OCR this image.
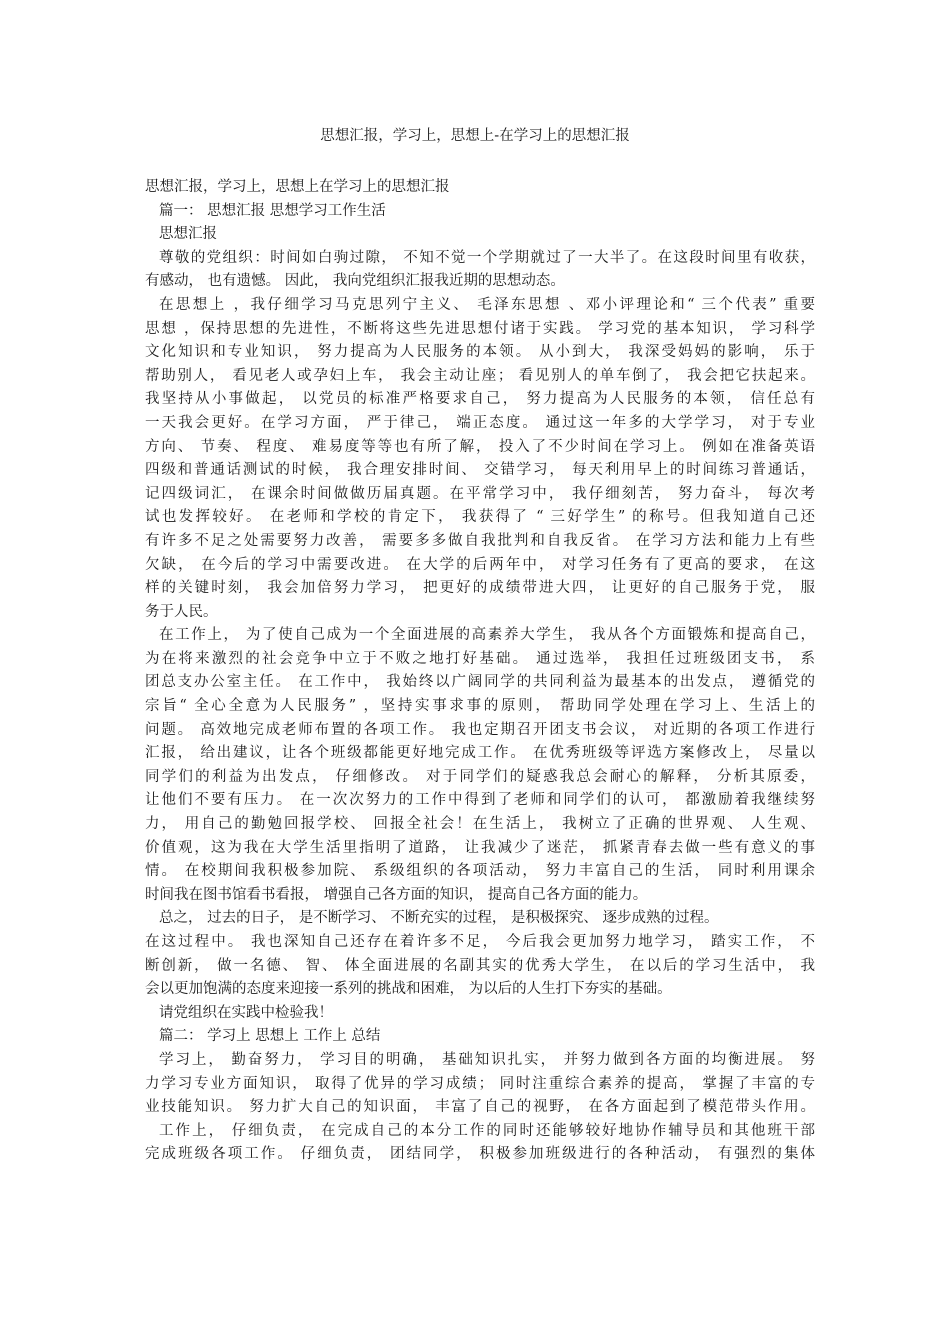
思想汇报，学习上，思想上-在学习上的思想汇报
思想汇报，学习上，思想上在学习上的思想汇报
篇一： 思想汇报 思想学习工作生活
思想汇报
尊敬的党组织：时间如白驹过隙， 不知不觉一个学期就过了一大半了。在这段时间里有收获，
有感动， 也有遗憾。 因此， 我向党组织汇报我近期的思想动态。
在思想上 ，我仔细学习马克思列宁主义、 毛泽东思想 、邓小评理论和“ 三个代表” 重要
思想 ，保持思想的先进性，不断将这些先进思想付诸于实践。 学习党的基本知识， 学习科学
文化知识和专业知识， 努力提高为人民服务的本领。 从小到大， 我深受妈妈的影响， 乐于
帮助别人， 看见老人或孕妇上车， 我会主动让座； 看见别人的单车倒了， 我会把它扶起来。
我坚持从小事做起， 以党员的标准严格要求自己， 努力提高为人民服务的本领， 信任总有
一天我会更好。在学习方面， 严于律己， 端正态度。 通过这一年多的大学学习， 对于专业
方向、 节奏、 程度、 难易度等等也有所了解， 投入了不少时间在学习上。 例如在准备英语
四级和普通话测试的时候， 我合理安排时间、 交错学习， 每天利用早上的时间练习普通话，
记四级词汇， 在课余时间做做历届真题。在平常学习中， 我仔细刻苦， 努力奋斗， 每次考
试也发挥较好。 在老师和学校的肯定下， 我获得了 “ 三好学生” 的称号。但我知道自己还
有许多不足之处需要努力改善， 需要多多做自我批判和自我反省。 在学习方法和能力上有些
欠缺， 在今后的学习中需要改进。 在大学的后两年中， 对学习任务有了更高的要求， 在这
样的关键时刻， 我会加倍努力学习， 把更好的成绩带进大四， 让更好的自己服务于党， 服
务于人民。
在工作上， 为了使自己成为一个全面进展的高素养大学生， 我从各个方面锻炼和提高自己，
为在将来激烈的社会竞争中立于不败之地打好基础。 通过选举， 我担任过班级团支书， 系
团总支办公室主任。 在工作中， 我始终以广阔同学的共同利益为最基本的出发点， 遵循党的
宗旨“ 全心全意为人民服务” ，坚持实事求事的原则， 帮助同学处理在学习上、生活上的
问题。 高效地完成老师布置的各项工作。 我也定期召开团支书会议， 对近期的各项工作进行
汇报， 给出建议，让各个班级都能更好地完成工作。 在优秀班级等评选方案修改上， 尽量以
同学们的利益为出发点， 仔细修改。 对于同学们的疑惑我总会耐心的解释， 分析其原委，
让他们不要有压力。 在一次次努力的工作中得到了老师和同学们的认可， 都激励着我继续努
力， 用自己的勤勉回报学校、 回报全社会！在生活上， 我树立了正确的世界观、 人生观、
价值观，这为我在大学生活里指明了道路， 让我减少了迷茫， 抓紧青春去做一些有意义的事
情。 在校期间我积极参加院、 系级组织的各项活动， 努力丰富自己的生活， 同时利用课余
时间我在图书馆看书看报， 增强自己各方面的知识， 提高自己各方面的能力。
总之， 过去的日子， 是不断学习、 不断充实的过程， 是积极探究、 逐步成熟的过程。
在这过程中。 我也深知自己还存在着许多不足， 今后我会更加努力地学习， 踏实工作， 不
断创新， 做一名德、 智、 体全面进展的名副其实的优秀大学生， 在以后的学习生活中， 我
会以更加饱满的态度来迎接一系列的挑战和困难， 为以后的人生打下夯实的基础。
请党组织在实践中检验我！
篇二： 学习上 思想上 工作上 总结
学习上， 勤奋努力， 学习目的明确， 基础知识扎实， 并努力做到各方面的均衡进展。 努
力学习专业方面知识， 取得了优异的学习成绩； 同时注重综合素养的提高， 掌握了丰富的专
业技能知识。 努力扩大自己的知识面， 丰富了自己的视野， 在各方面起到了模范带头作用。
工作上， 仔细负责， 在完成自己的本分工作的同时还能够较好地协作辅导员和其他班干部
完成班级各项工作。 仔细负责， 团结同学， 积极参加班级进行的各种活动， 有强烈的集体
